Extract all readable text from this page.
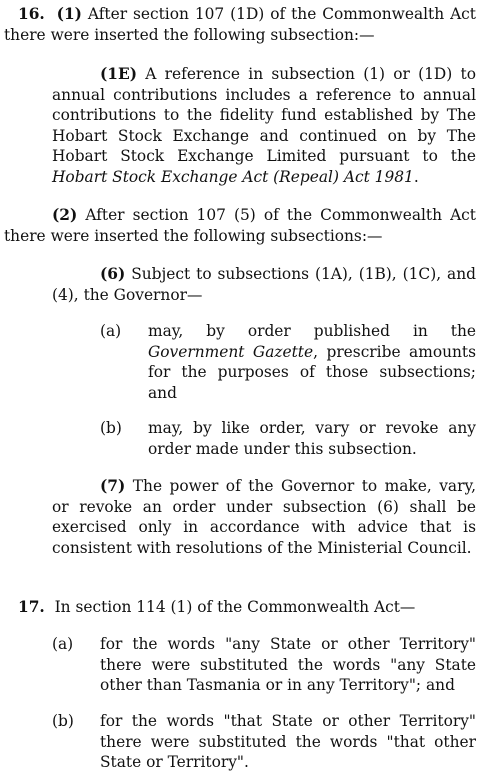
16. (1) After section 107 (1D) of the Commonwealth Act there were inserted the following subsection:—

(1E) A reference in subsection (1) or (1D) to annual contributions includes a reference to annual contributions to the fidelity fund established by The Hobart Stock Exchange and continued on by The Hobart Stock Exchange Limited pursuant to the Hobart Stock Exchange Act (Repeal) Act 1981.

(2) After section 107 (5) of the Commonwealth Act there were inserted the following subsections:—

(6) Subject to subsections (1A), (1B), (1C), and (4), the Governor—

(a) may, by order published in the Government Gazette, prescribe amounts for the purposes of those subsections; and

(b) may, by like order, vary or revoke any order made under this subsection.

(7) The power of the Governor to make, vary, or revoke an order under subsection (6) shall be exercised only in accordance with advice that is consistent with resolutions of the Ministerial Council.

17. In section 114 (1) of the Commonwealth Act—

(a) for the words "any State or other Territory" there were substituted the words "any State other than Tasmania or in any Territory"; and

(b) for the words "that State or other Territory" there were substituted the words "that other State or Territory".
